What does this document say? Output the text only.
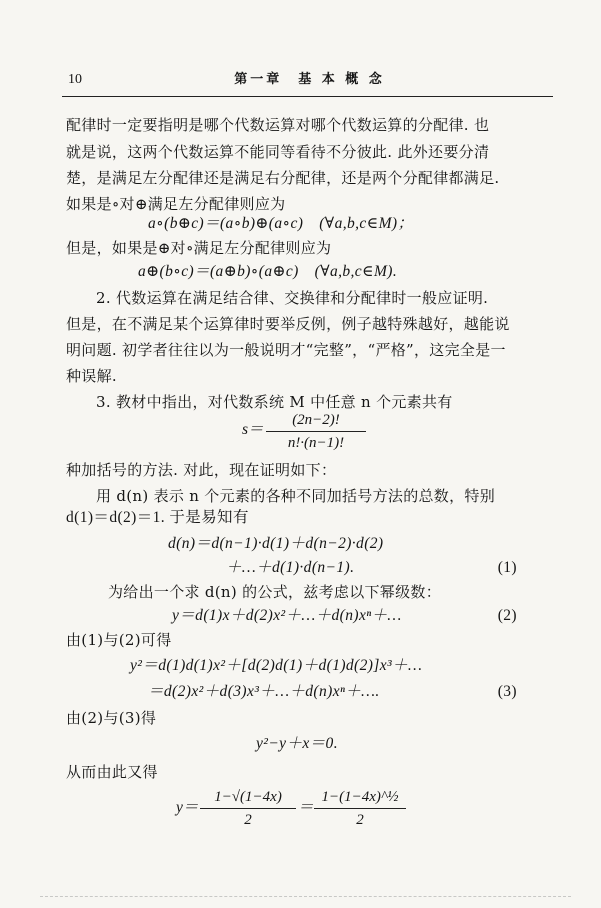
10	第一章　基 本 概 念
配律时一定要指明是哪个代数运算对哪个代数运算的分配律. 也
就是说，这两个代数运算不能同等看待不分彼此. 此外还要分清
楚，是满足左分配律还是满足右分配律，还是两个分配律都满足.
如果是∘对⊕满足左分配律则应为
a∘(b⊕c)＝(a∘b)⊕(a∘c)　(∀a,b,c∈M)；
但是，如果是⊕对∘满足左分配律则应为
a⊕(b∘c)＝(a⊕b)∘(a⊕c)　(∀a,b,c∈M).
2. 代数运算在满足结合律、交换律和分配律时一般应证明.
但是，在不满足某个运算律时要举反例，例子越特殊越好，越能说
明问题. 初学者往往以为一般说明才“完整”，“严格”，这完全是一
种误解.
3. 教材中指出，对代数系统 M 中任意 n 个元素共有
s＝
(2n−2)!
n!·(n−1)!
种加括号的方法. 对此，现在证明如下：
用 d(n) 表示 n 个元素的各种不同加括号方法的总数，特别
d(1)＝d(2)＝1. 于是易知有
d(n)＝d(n−1)·d(1)＋d(n−2)·d(2)
＋…＋d(1)·d(n−1).	(1)
为给出一个求 d(n) 的公式，兹考虑以下幂级数：
y＝d(1)x＋d(2)x²＋…＋d(n)xⁿ＋…	(2)
由(1)与(2)可得
y²＝d(1)d(1)x²＋[d(2)d(1)＋d(1)d(2)]x³＋…
＝d(2)x²＋d(3)x³＋…＋d(n)xⁿ＋….	(3)
由(2)与(3)得
y²−y＋x＝0.
从而由此又得
y＝
1−√(1−4x)
2
＝
1−(1−4x)^½
2
